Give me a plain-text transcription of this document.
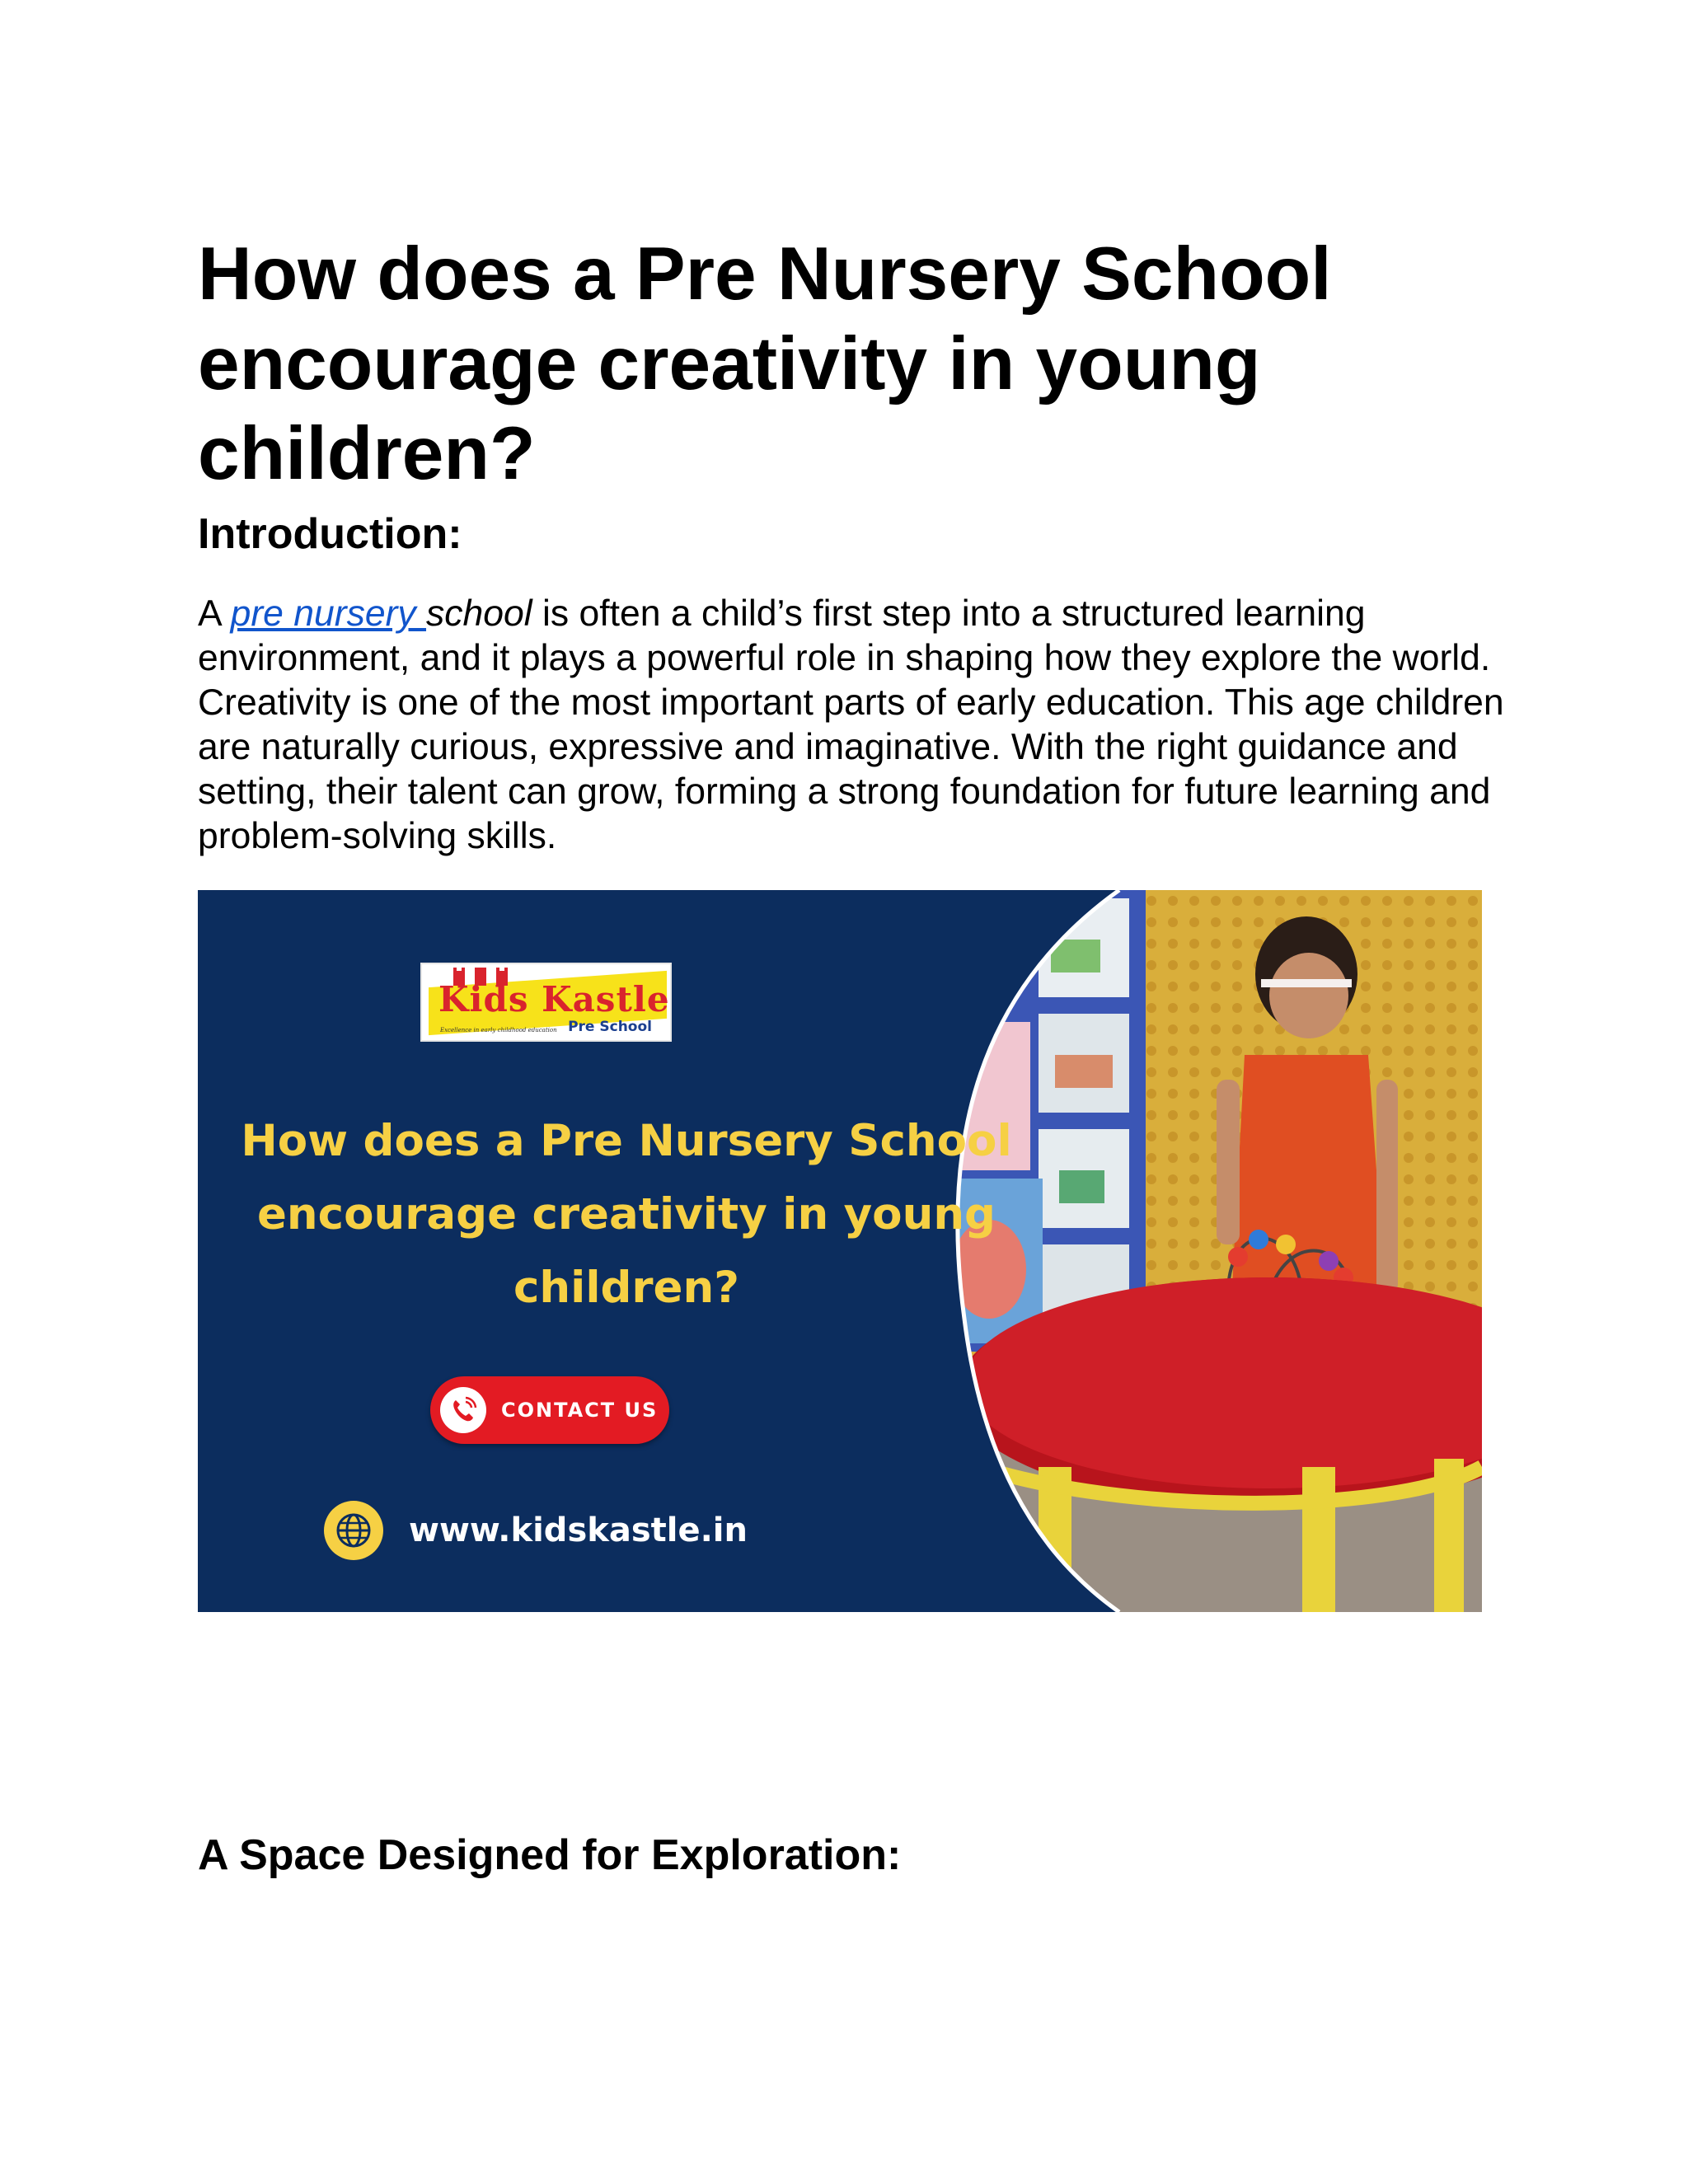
How does a Pre Nursery School encourage creativity in young children?
Introduction:

A pre nursery school is often a child’s first step into a structured learning environment, and it plays a powerful role in shaping how they explore the world. Creativity is one of the most important parts of early education. This age children are naturally curious, expressive and imaginative. With the right guidance and setting, their talent can grow, forming a strong foundation for future learning and problem-solving skills.

Kids Kastle
Excellence in early childhood education Pre School
How does a Pre Nursery School encourage creativity in young children?
CONTACT US
www.kidskastle.in
A Space Designed for Exploration:
